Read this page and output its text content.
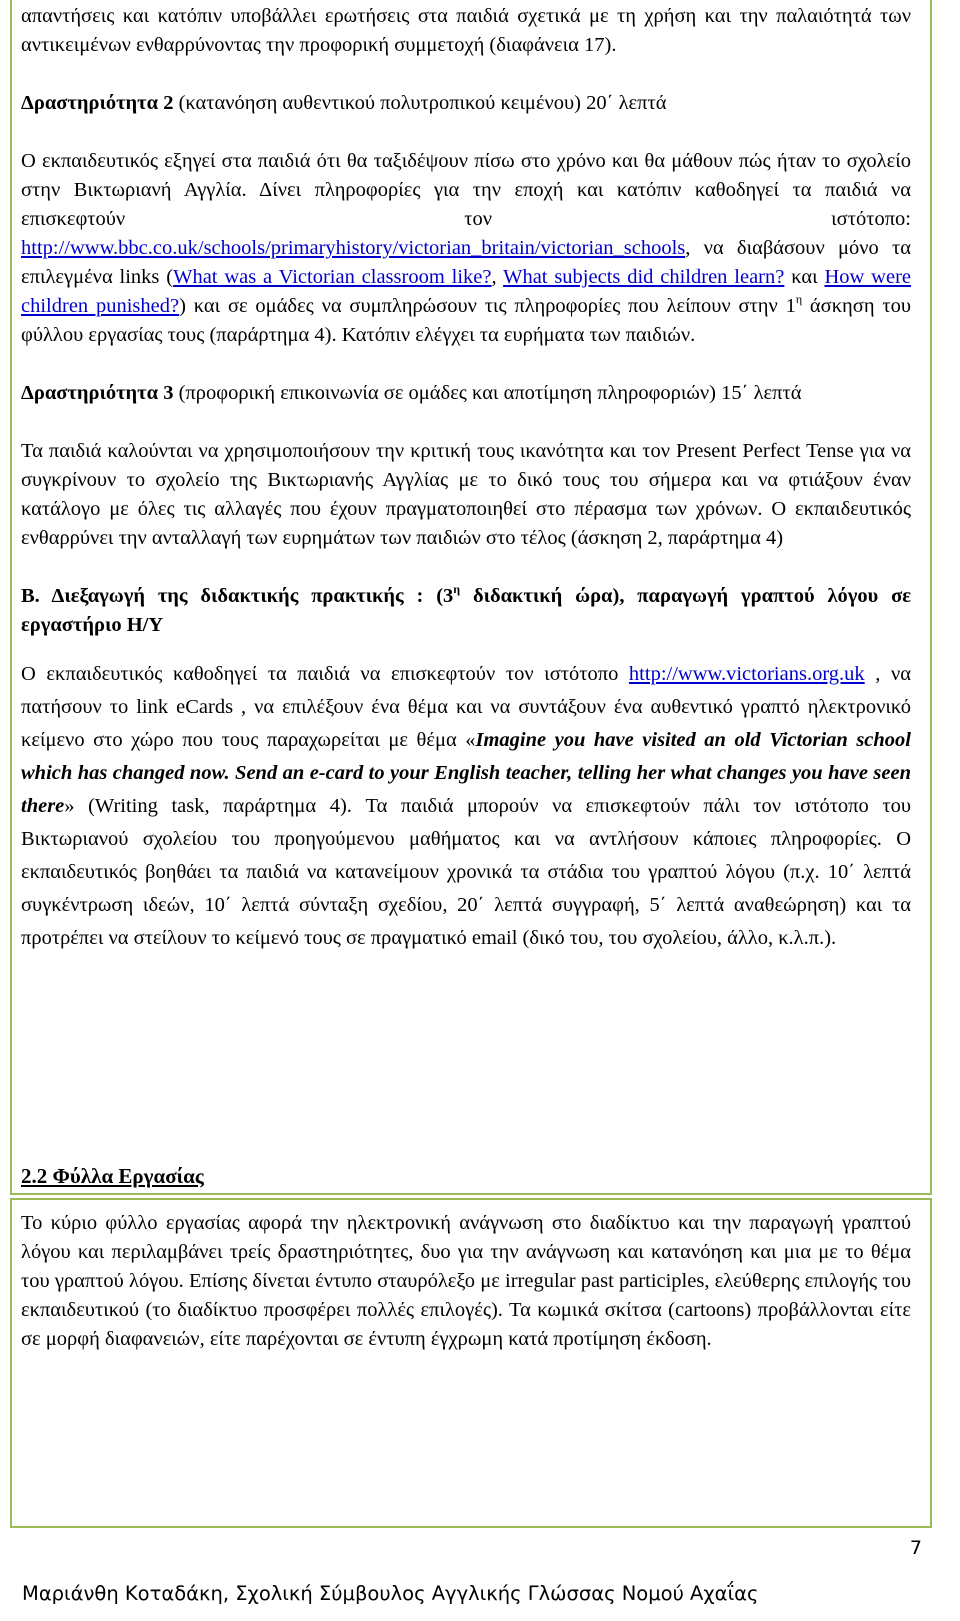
απαντήσεις και κατόπιν υποβάλλει ερωτήσεις στα παιδιά σχετικά με τη χρήση και την παλαιότητά των αντικειμένων ενθαρρύνοντας την προφορική συμμετοχή (διαφάνεια 17).

Δραστηριότητα 2 (κατανόηση αυθεντικού πολυτροπικού κειμένου) 20΄ λεπτά

Ο εκπαιδευτικός εξηγεί στα παιδιά ότι θα ταξιδέψουν πίσω στο χρόνο και θα μάθουν πώς ήταν το σχολείο στην Βικτωριανή Αγγλία. Δίνει πληροφορίες για την εποχή και κατόπιν καθοδηγεί τα παιδιά να επισκεφτούν τον ιστότοπο: http://www.bbc.co.uk/schools/primaryhistory/victorian_britain/victorian_schools, να διαβάσουν μόνο τα επιλεγμένα links (What was a Victorian classroom like?, What subjects did children learn? και How were children punished?) και σε ομάδες να συμπληρώσουν τις πληροφορίες που λείπουν στην $1^\eta$ άσκηση του φύλλου εργασίας τους (παράρτημα 4). Κατόπιν ελέγχει τα ευρήματα των παιδιών.

Δραστηριότητα 3 (προφορική επικοινωνία σε ομάδες και αποτίμηση πληροφοριών) 15΄ λεπτά

Τα παιδιά καλούνται να χρησιμοποιήσουν την κριτική τους ικανότητα και τον Present Perfect Tense για να συγκρίνουν το σχολείο της Βικτωριανής Αγγλίας με το δικό τους του σήμερα και να φτιάξουν έναν κατάλογο με όλες τις αλλαγές που έχουν πραγματοποιηθεί στο πέρασμα των χρόνων. Ο εκπαιδευτικός ενθαρρύνει την ανταλλαγή των ευρημάτων των παιδιών στο τέλος (άσκηση 2, παράρτημα 4)

Β. Διεξαγωγή της διδακτικής πρακτικής : ($3^\eta$ διδακτική ώρα), παραγωγή γραπτού λόγου σε εργαστήριο Η/Υ

Ο εκπαιδευτικός καθοδηγεί τα παιδιά να επισκεφτούν τον ιστότοπο http://www.victorians.org.uk , να πατήσουν το link eCards , να επιλέξουν ένα θέμα και να συντάξουν ένα αυθεντικό γραπτό ηλεκτρονικό κείμενο στο χώρο που τους παραχωρείται με θέμα «Imagine you have visited an old Victorian school which has changed now. Send an e-card to your English teacher, telling her what changes you have seen there» (Writing task, παράρτημα 4). Τα παιδιά μπορούν να επισκεφτούν πάλι τον ιστότοπο του Βικτωριανού σχολείου του προηγούμενου μαθήματος και να αντλήσουν κάποιες πληροφορίες. Ο εκπαιδευτικός βοηθάει τα παιδιά να κατανείμουν χρονικά τα στάδια του γραπτού λόγου (π.χ. 10΄ λεπτά συγκέντρωση ιδεών, 10΄ λεπτά σύνταξη σχεδίου, 20΄ λεπτά συγγραφή, 5΄ λεπτά αναθεώρηση) και τα προτρέπει να στείλουν το κείμενό τους σε πραγματικό email (δικό του, του σχολείου, άλλο, κ.λ.π.).

2.2 Φύλλα Εργασίας

Το κύριο φύλλο εργασίας αφορά την ηλεκτρονική ανάγνωση στο διαδίκτυο και την παραγωγή γραπτού λόγου και περιλαμβάνει τρείς δραστηριότητες, δυο για την ανάγνωση και κατανόηση και μια με το θέμα του γραπτού λόγου. Επίσης δίνεται έντυπο σταυρόλεξο με irregular past participles, ελεύθερης επιλογής του εκπαιδευτικού (το διαδίκτυο προσφέρει πολλές επιλογές). Τα κωμικά σκίτσα (cartoons) προβάλλονται είτε σε μορφή διαφανειών, είτε παρέχονται σε έντυπη έγχρωμη κατά προτίμηση έκδοση.

7
Μαριάνθη Κοταδάκη, Σχολική Σύμβουλος Αγγλικής Γλώσσας Νομού Αχαΐας
